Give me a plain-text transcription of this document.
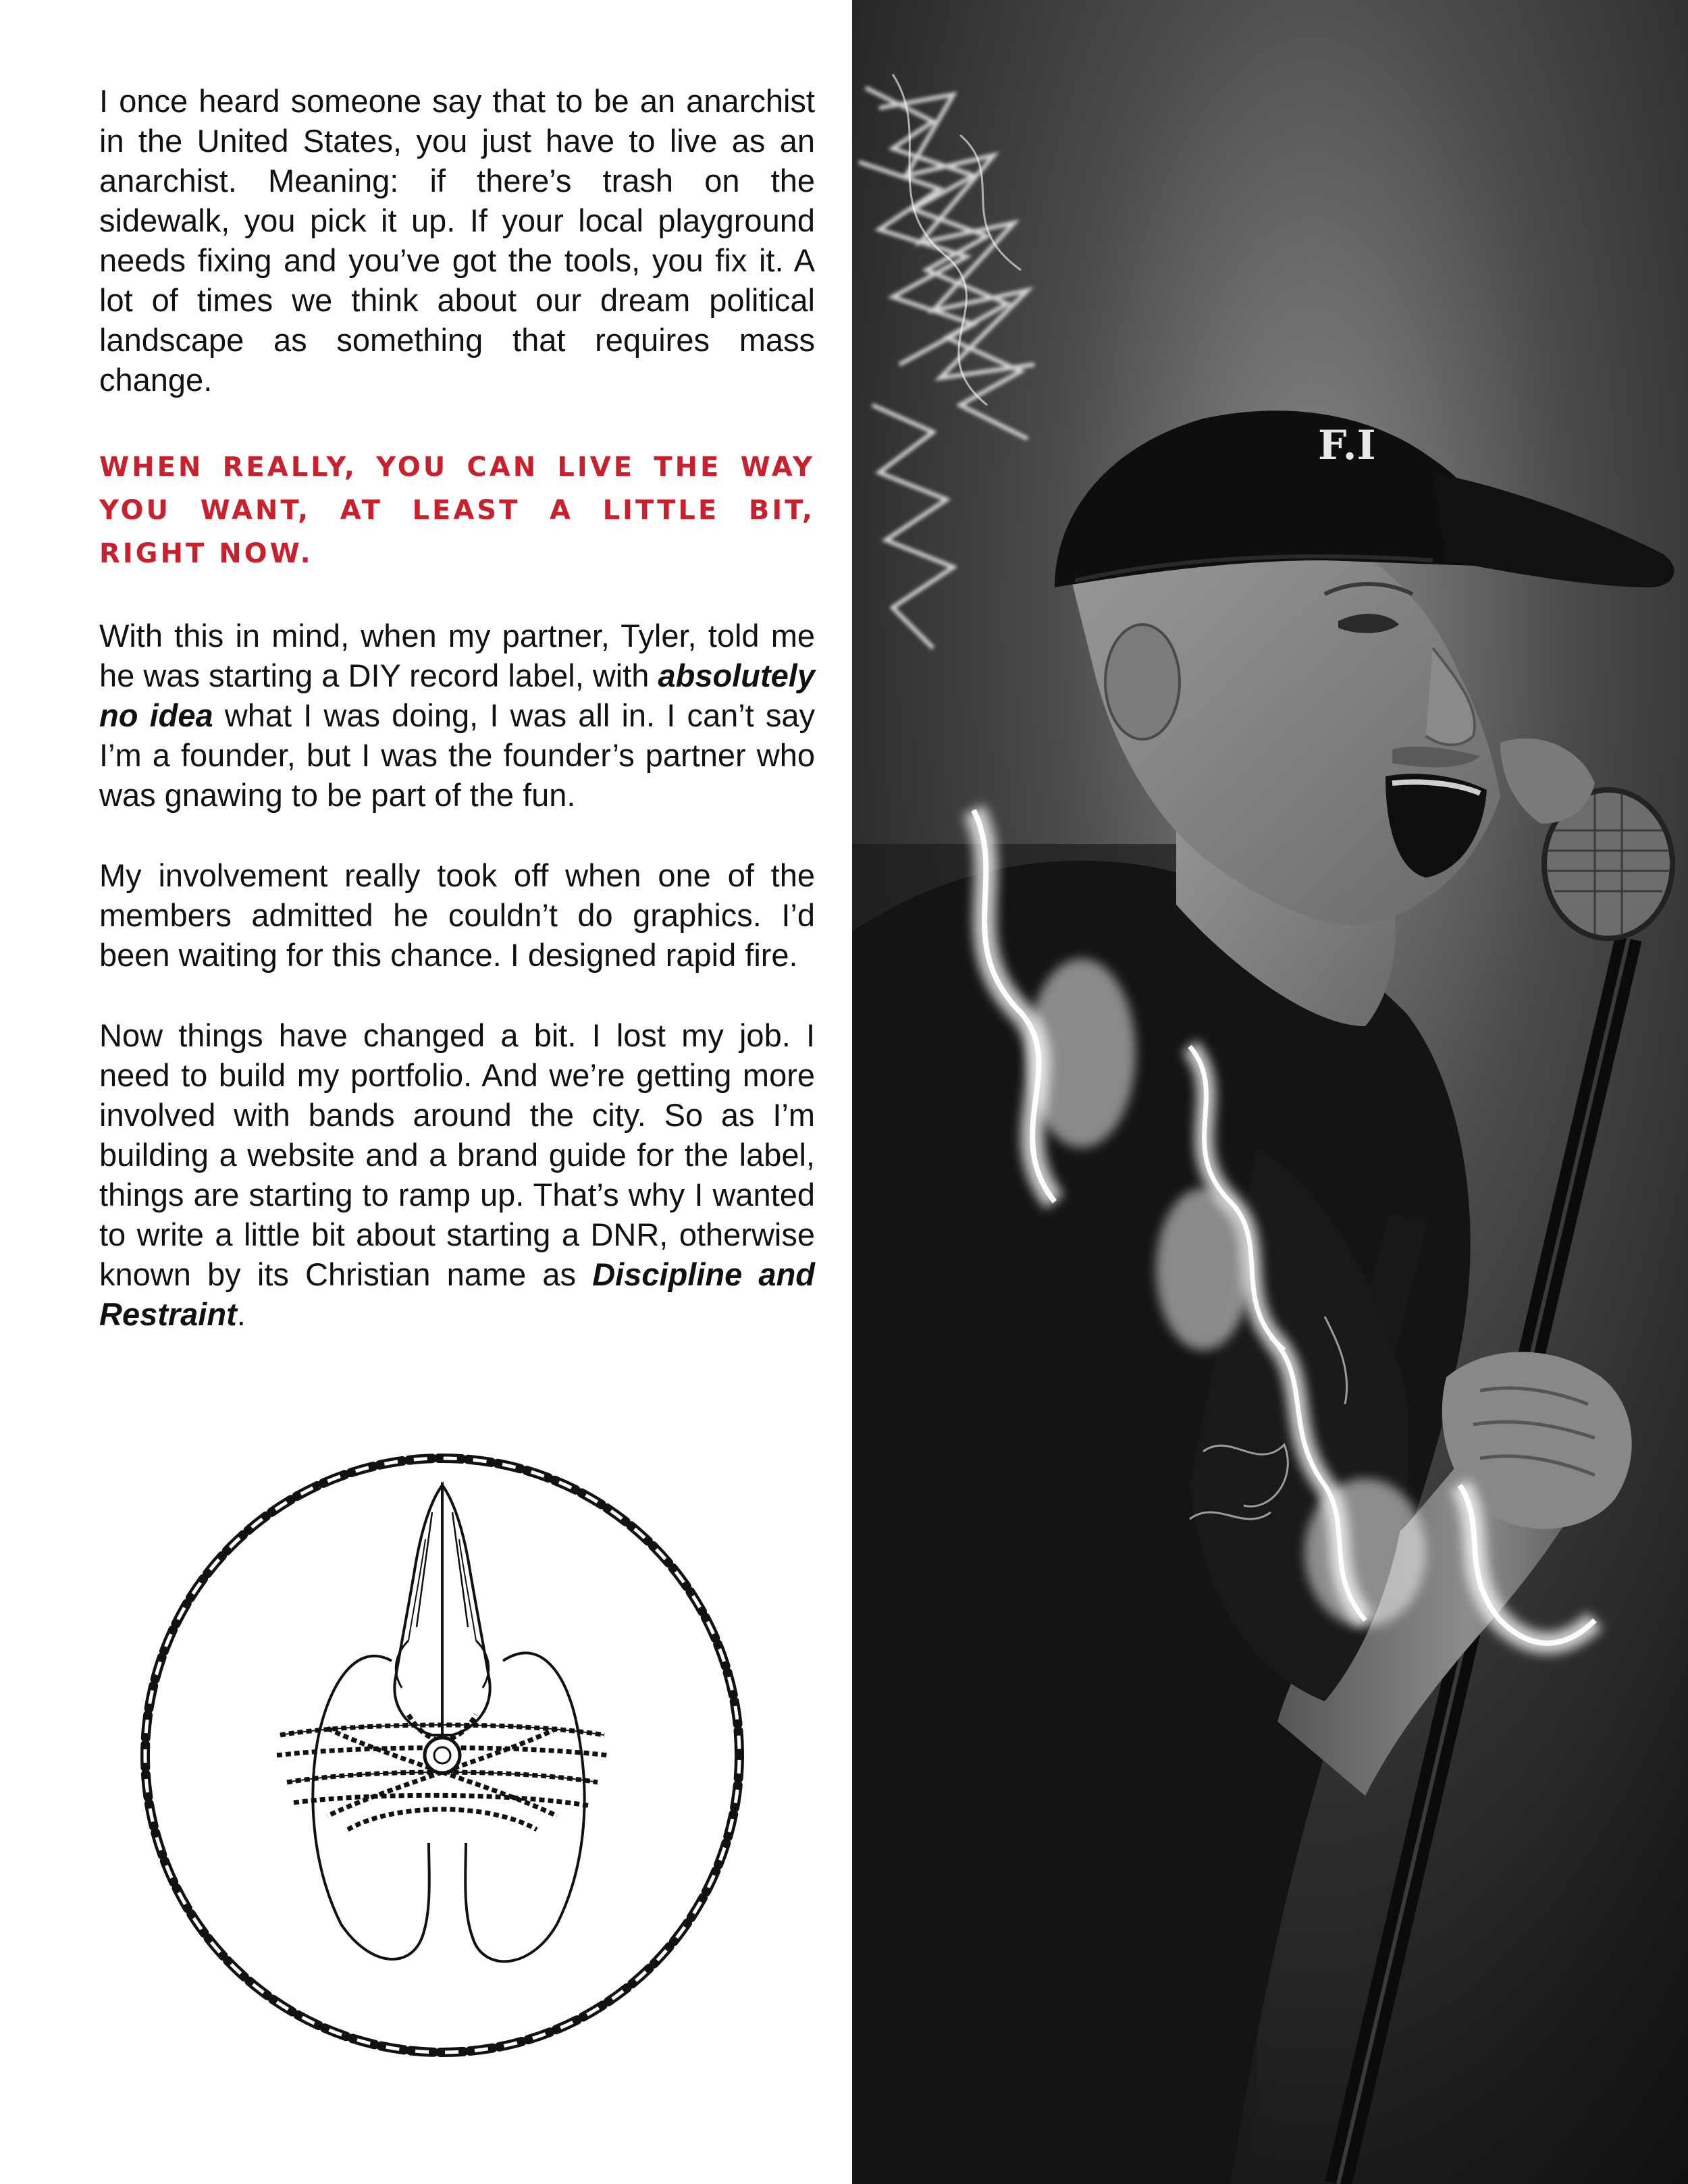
I once heard someone say that to be an anarchist in the United States, you just have to live as an anarchist. Meaning: if there’s trash on the sidewalk, you pick it up. If your local playground needs fixing and you’ve got the tools, you fix it. A lot of times we think about our dream political landscape as something that requires mass change.

WHEN REALLY, YOU CAN LIVE THE WAY YOU WANT, AT LEAST A LITTLE BIT, RIGHT NOW.

With this in mind, when my partner, Tyler, told me he was starting a DIY record label, with absolutely no idea what I was doing, I was all in. I can’t say I’m a founder, but I was the founder’s partner who was gnawing to be part of the fun.

My involvement really took off when one of the members admitted he couldn’t do graphics. I’d been waiting for this chance. I designed rapid fire.

Now things have changed a bit. I lost my job. I need to build my portfolio. And we’re getting more involved with bands around the city. So as I’m building a website and a brand guide for the label, things are starting to ramp up. That’s why I wanted to write a little bit about starting a DNR, otherwise known by its Christian name as Discipline and Restraint.

F.I
